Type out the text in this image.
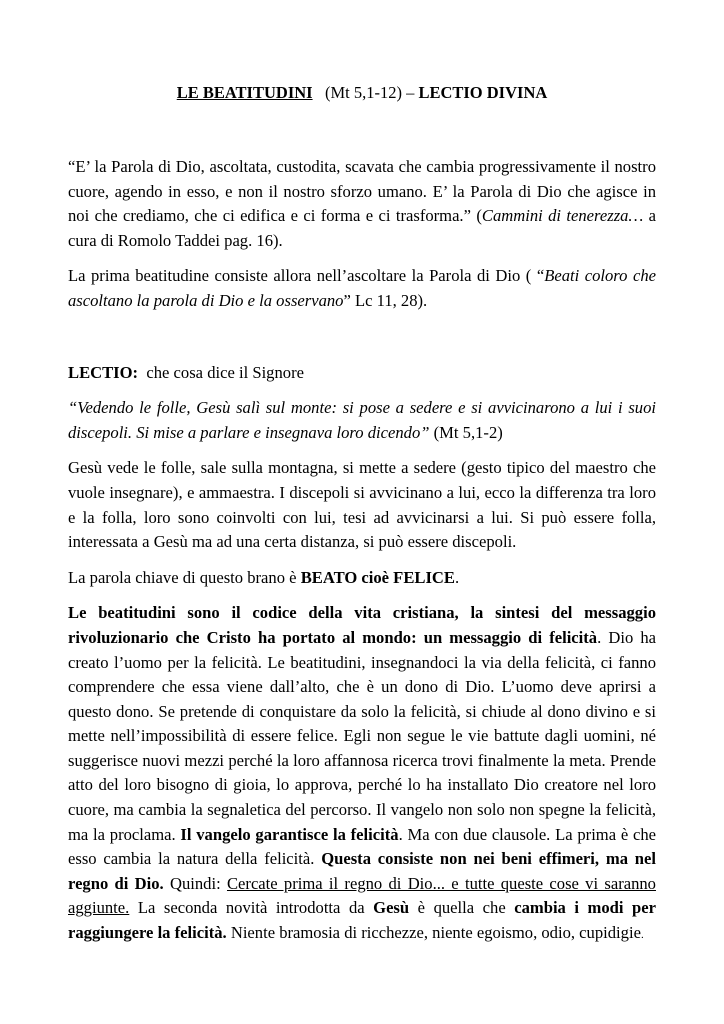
LE BEATITUDINI (Mt 5,1-12) – LECTIO DIVINA

“E’ la Parola di Dio, ascoltata, custodita, scavata che cambia progressivamente il nostro cuore, agendo in esso, e non il nostro sforzo umano. E’ la Parola di Dio che agisce in noi che crediamo, che ci edifica e ci forma e ci trasforma.” (Cammini di tenerezza… a cura di Romolo Taddei pag. 16).

La prima beatitudine consiste allora nell’ascoltare la Parola di Dio ( “Beati coloro che ascoltano la parola di Dio e la osservano” Lc 11, 28).

LECTIO:  che cosa dice il Signore

“Vedendo le folle, Gesù salì sul monte: si pose a sedere e si avvicinarono a lui i suoi discepoli. Si mise a parlare e insegnava loro dicendo” (Mt 5,1-2)

Gesù vede le folle, sale sulla montagna, si mette a sedere (gesto tipico del maestro che vuole insegnare), e ammaestra. I discepoli si avvicinano a lui, ecco la differenza tra loro e la folla, loro sono coinvolti con lui, tesi ad avvicinarsi a lui. Si può essere folla, interessata a Gesù ma ad una certa distanza, si può essere discepoli.

La parola chiave di questo brano è BEATO cioè FELICE.

Le beatitudini sono il codice della vita cristiana, la sintesi del messaggio rivoluzionario che Cristo ha portato al mondo: un messaggio di felicità. Dio ha creato l’uomo per la felicità. Le beatitudini, insegnandoci la via della felicità, ci fanno comprendere che essa viene dall’alto, che è un dono di Dio. L’uomo deve aprirsi a questo dono. Se pretende di conquistare da solo la felicità, si chiude al dono divino e si mette nell’impossibilità di essere felice. Egli non segue le vie battute dagli uomini, né suggerisce nuovi mezzi perché la loro affannosa ricerca trovi finalmente la meta. Prende atto del loro bisogno di gioia, lo approva, perché lo ha installato Dio creatore nel loro cuore, ma cambia la segnaletica del percorso. Il vangelo non solo non spegne la felicità, ma la proclama. Il vangelo garantisce la felicità. Ma con due clausole. La prima è che esso cambia la natura della felicità. Questa consiste non nei beni effimeri, ma nel regno di Dio. Quindi: Cercate prima il regno di Dio... e tutte queste cose vi saranno aggiunte. La seconda novità introdotta da Gesù è quella che cambia i modi per raggiungere la felicità. Niente bramosia di ricchezze, niente egoismo, odio, cupidigie.
